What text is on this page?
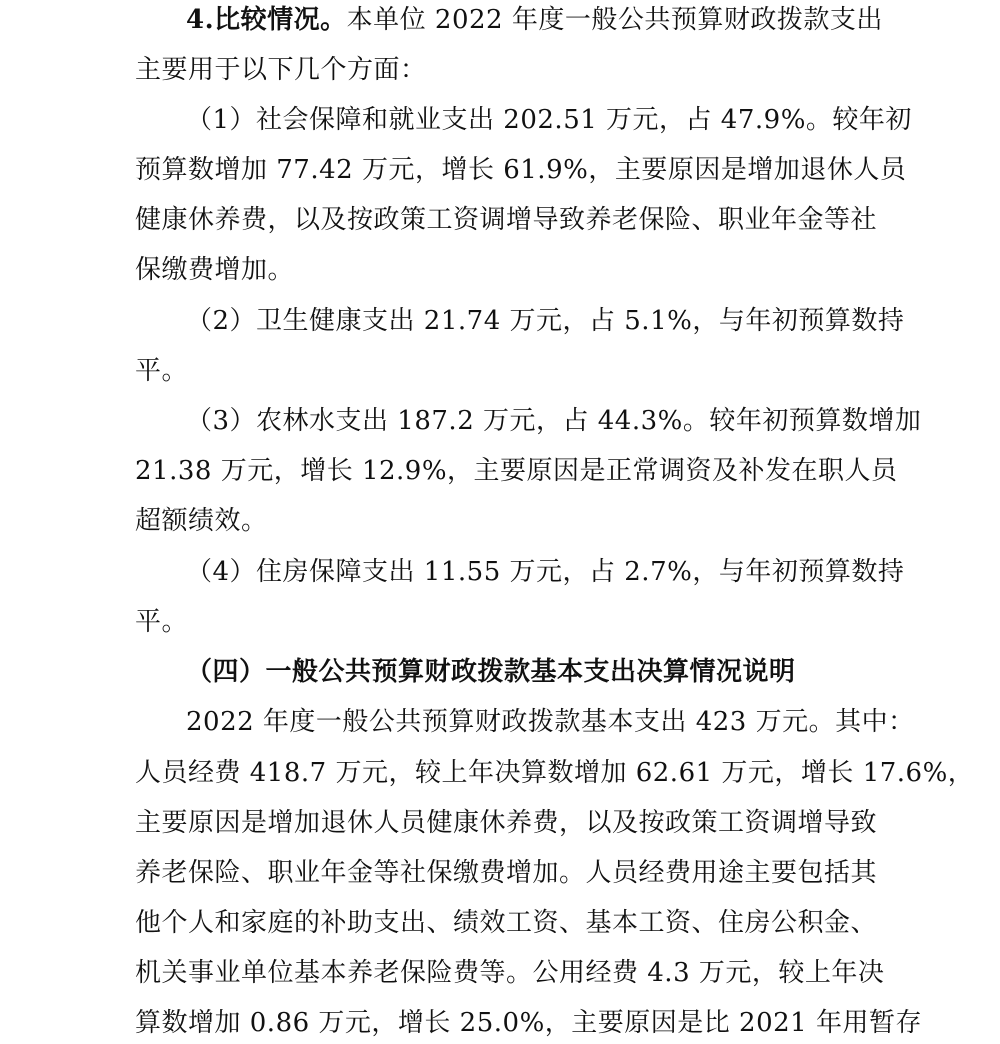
4.比较情况。本单位 2022 年度一般公共预算财政拨款支出
主要用于以下几个方面：
（1）社会保障和就业支出 202.51 万元，占 47.9%。较年初
预算数增加 77.42 万元，增长 61.9%，主要原因是增加退休人员
健康休养费，以及按政策工资调增导致养老保险、职业年金等社
保缴费增加。
（2）卫生健康支出 21.74 万元，占 5.1%，与年初预算数持
平。
（3）农林水支出 187.2 万元，占 44.3%。较年初预算数增加
21.38 万元，增长 12.9%，主要原因是正常调资及补发在职人员
超额绩效。
（4）住房保障支出 11.55 万元，占 2.7%，与年初预算数持
平。
（四）一般公共预算财政拨款基本支出决算情况说明
2022 年度一般公共预算财政拨款基本支出 423 万元。其中：
人员经费 418.7 万元，较上年决算数增加 62.61 万元，增长 17.6%，
主要原因是增加退休人员健康休养费，以及按政策工资调增导致
养老保险、职业年金等社保缴费增加。人员经费用途主要包括其
他个人和家庭的补助支出、绩效工资、基本工资、住房公积金、
机关事业单位基本养老保险费等。公用经费 4.3 万元，较上年决
算数增加 0.86 万元，增长 25.0%，主要原因是比 2021 年用暂存
